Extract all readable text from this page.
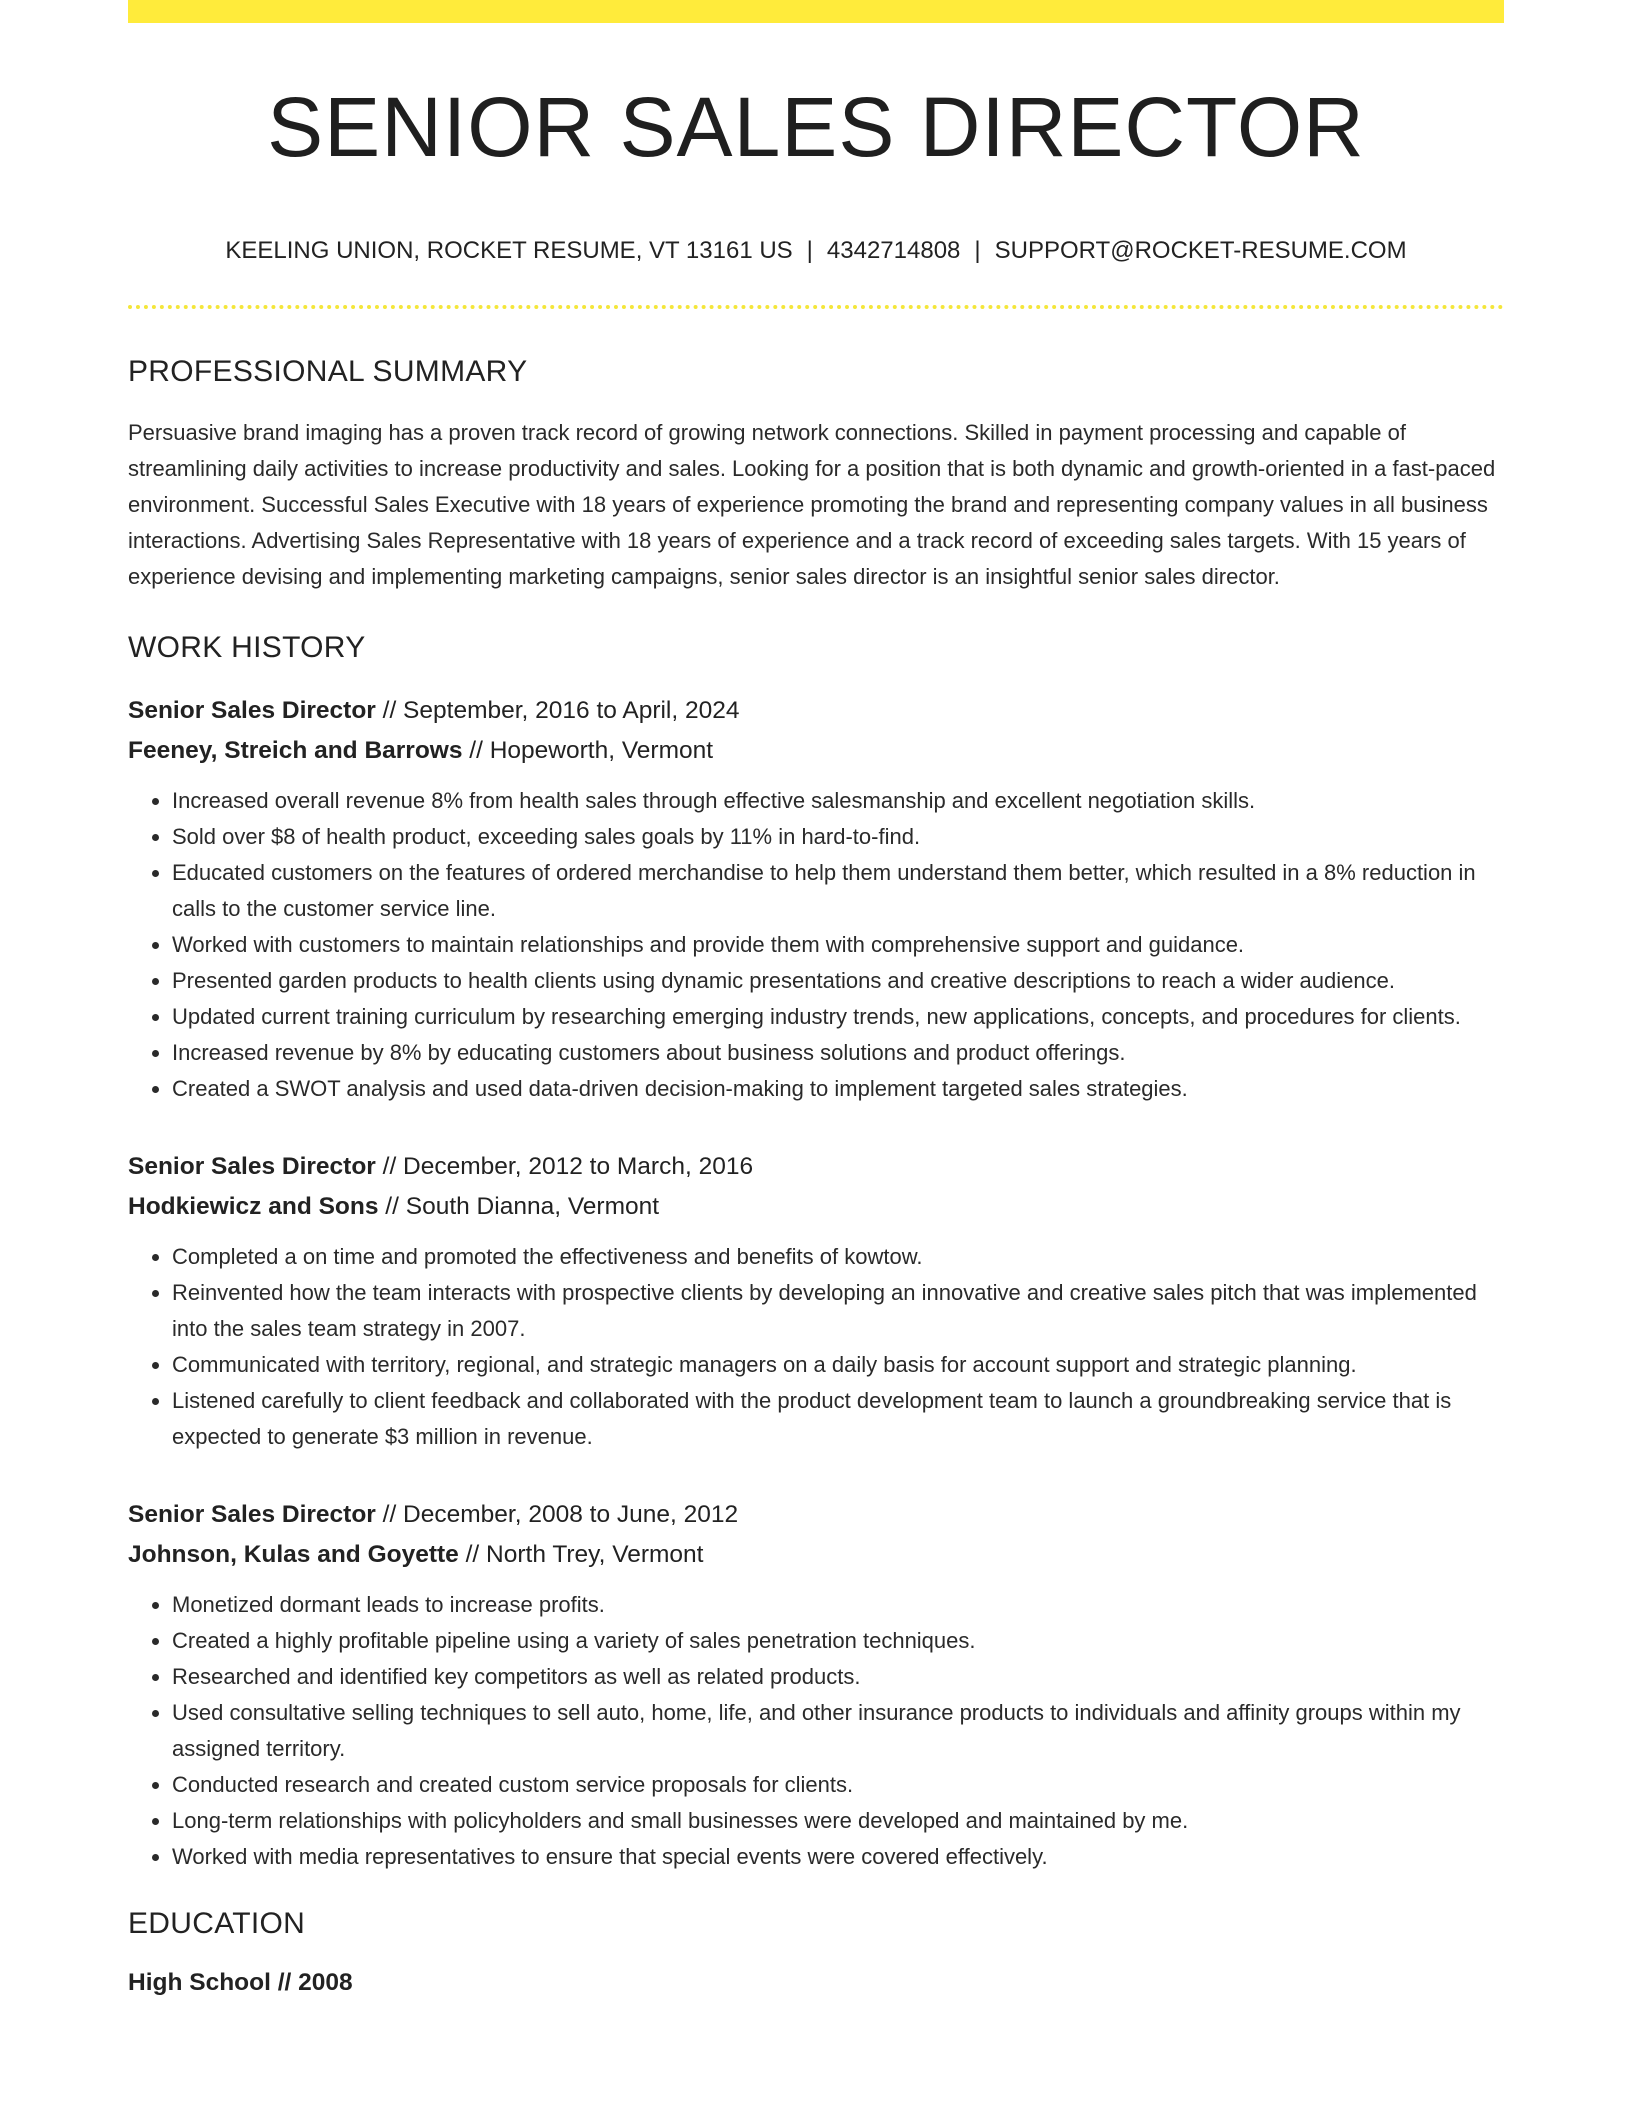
SENIOR SALES DIRECTOR
KEELING UNION, ROCKET RESUME, VT 13161 US | 4342714808 | SUPPORT@ROCKET-RESUME.COM
PROFESSIONAL SUMMARY

Persuasive brand imaging has a proven track record of growing network connections. Skilled in payment processing and capable of streamlining daily activities to increase productivity and sales. Looking for a position that is both dynamic and growth-oriented in a fast-paced environment. Successful Sales Executive with 18 years of experience promoting the brand and representing company values in all business interactions. Advertising Sales Representative with 18 years of experience and a track record of exceeding sales targets. With 15 years of experience devising and implementing marketing campaigns, senior sales director is an insightful senior sales director.

WORK HISTORY
Senior Sales Director // September, 2016 to April, 2024
Feeney, Streich and Barrows // Hopeworth, Vermont
• Increased overall revenue 8% from health sales through effective salesmanship and excellent negotiation skills.
• Sold over $8 of health product, exceeding sales goals by 11% in hard-to-find.
• Educated customers on the features of ordered merchandise to help them understand them better, which resulted in a 8% reduction in calls to the customer service line.
• Worked with customers to maintain relationships and provide them with comprehensive support and guidance.
• Presented garden products to health clients using dynamic presentations and creative descriptions to reach a wider audience.
• Updated current training curriculum by researching emerging industry trends, new applications, concepts, and procedures for clients.
• Increased revenue by 8% by educating customers about business solutions and product offerings.
• Created a SWOT analysis and used data-driven decision-making to implement targeted sales strategies.
Senior Sales Director // December, 2012 to March, 2016
Hodkiewicz and Sons // South Dianna, Vermont
• Completed a on time and promoted the effectiveness and benefits of kowtow.
• Reinvented how the team interacts with prospective clients by developing an innovative and creative sales pitch that was implemented into the sales team strategy in 2007.
• Communicated with territory, regional, and strategic managers on a daily basis for account support and strategic planning.
• Listened carefully to client feedback and collaborated with the product development team to launch a groundbreaking service that is expected to generate $3 million in revenue.
Senior Sales Director // December, 2008 to June, 2012
Johnson, Kulas and Goyette // North Trey, Vermont
• Monetized dormant leads to increase profits.
• Created a highly profitable pipeline using a variety of sales penetration techniques.
• Researched and identified key competitors as well as related products.
• Used consultative selling techniques to sell auto, home, life, and other insurance products to individuals and affinity groups within my assigned territory.
• Conducted research and created custom service proposals for clients.
• Long-term relationships with policyholders and small businesses were developed and maintained by me.
• Worked with media representatives to ensure that special events were covered effectively.
EDUCATION
High School // 2008
